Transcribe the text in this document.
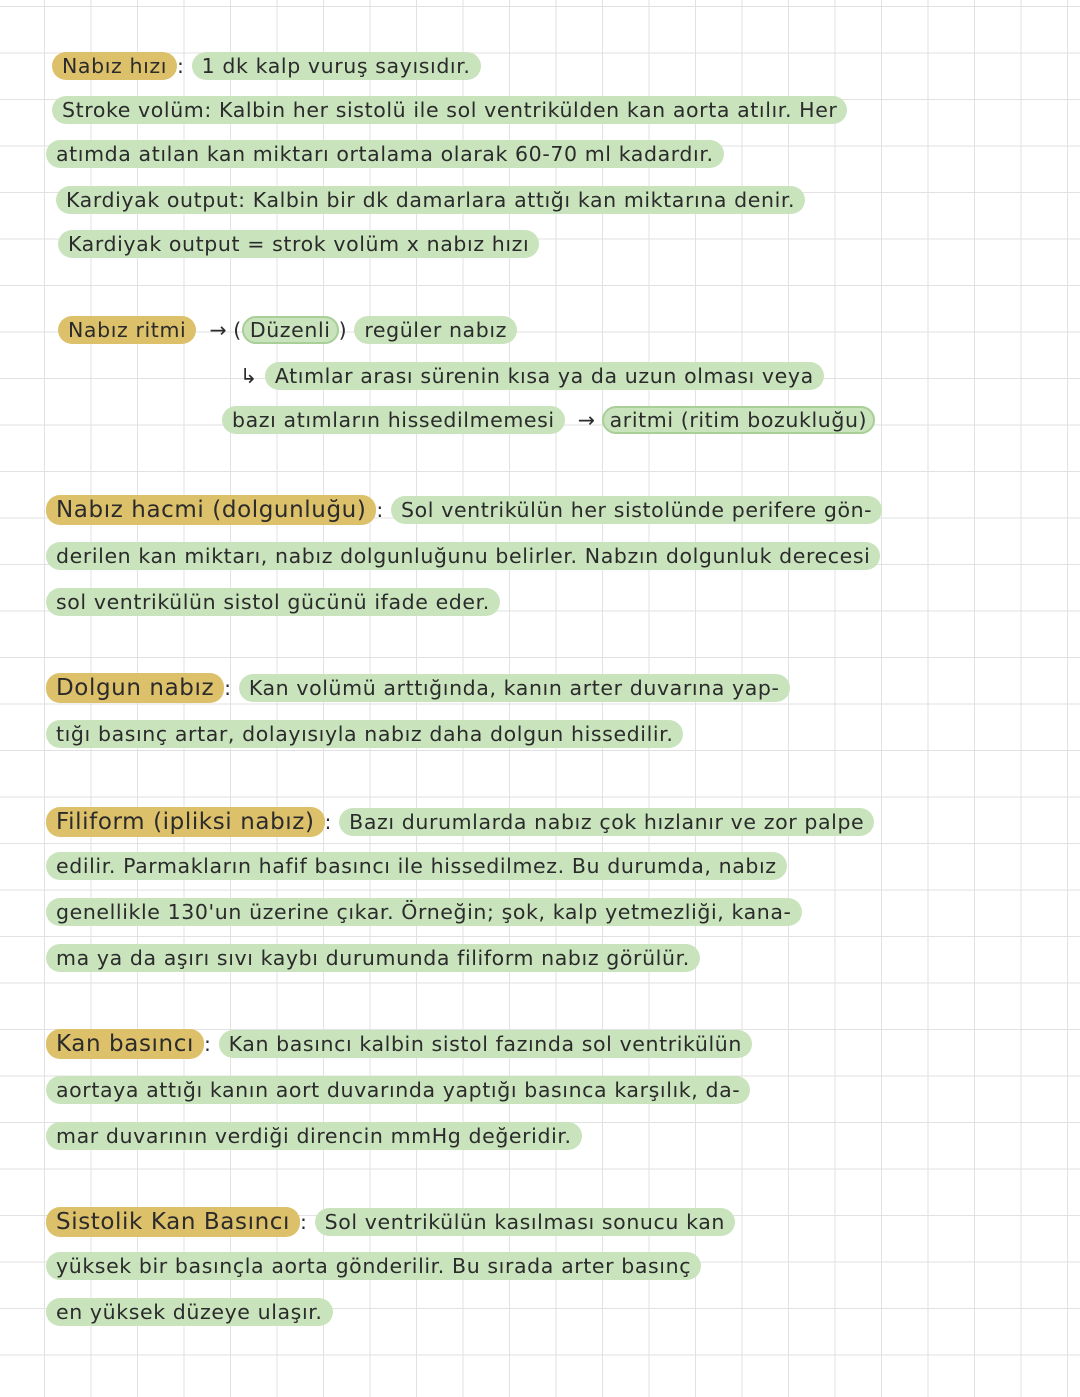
Nabız hızı : 1 dk kalp vuruş sayısıdır.
Stroke volüm: Kalbin her sistolü ile sol ventrikülden kan aorta atılır. Her
atımda atılan kan miktarı ortalama olarak 60-70 ml kadardır.
Kardiyak output: Kalbin bir dk damarlara attığı kan miktarına denir.
Kardiyak output = strok volüm x nabız hızı
Nabız ritmi → ( Düzenli ) regüler nabız
↳ Atımlar arası sürenin kısa ya da uzun olması veya
bazı atımların hissedilmemesi → aritmi (ritim bozukluğu)
Nabız hacmi (dolgunluğu) : Sol ventrikülün her sistolünde perifere gön-
derilen kan miktarı, nabız dolgunluğunu belirler. Nabzın dolgunluk derecesi
sol ventrikülün sistol gücünü ifade eder.
Dolgun nabız : Kan volümü arttığında, kanın arter duvarına yap-
tığı basınç artar, dolayısıyla nabız daha dolgun hissedilir.
Filiform (ipliksi nabız) : Bazı durumlarda nabız çok hızlanır ve zor palpe
edilir. Parmakların hafif basıncı ile hissedilmez. Bu durumda, nabız
genellikle 130'un üzerine çıkar. Örneğin; şok, kalp yetmezliği, kana-
ma ya da aşırı sıvı kaybı durumunda filiform nabız görülür.
Kan basıncı : Kan basıncı kalbin sistol fazında sol ventrikülün
aortaya attığı kanın aort duvarında yaptığı basınca karşılık, da-
mar duvarının verdiği direncin mmHg değeridir.
Sistolik Kan Basıncı : Sol ventrikülün kasılması sonucu kan
yüksek bir basınçla aorta gönderilir. Bu sırada arter basınç
en yüksek düzeye ulaşır.
